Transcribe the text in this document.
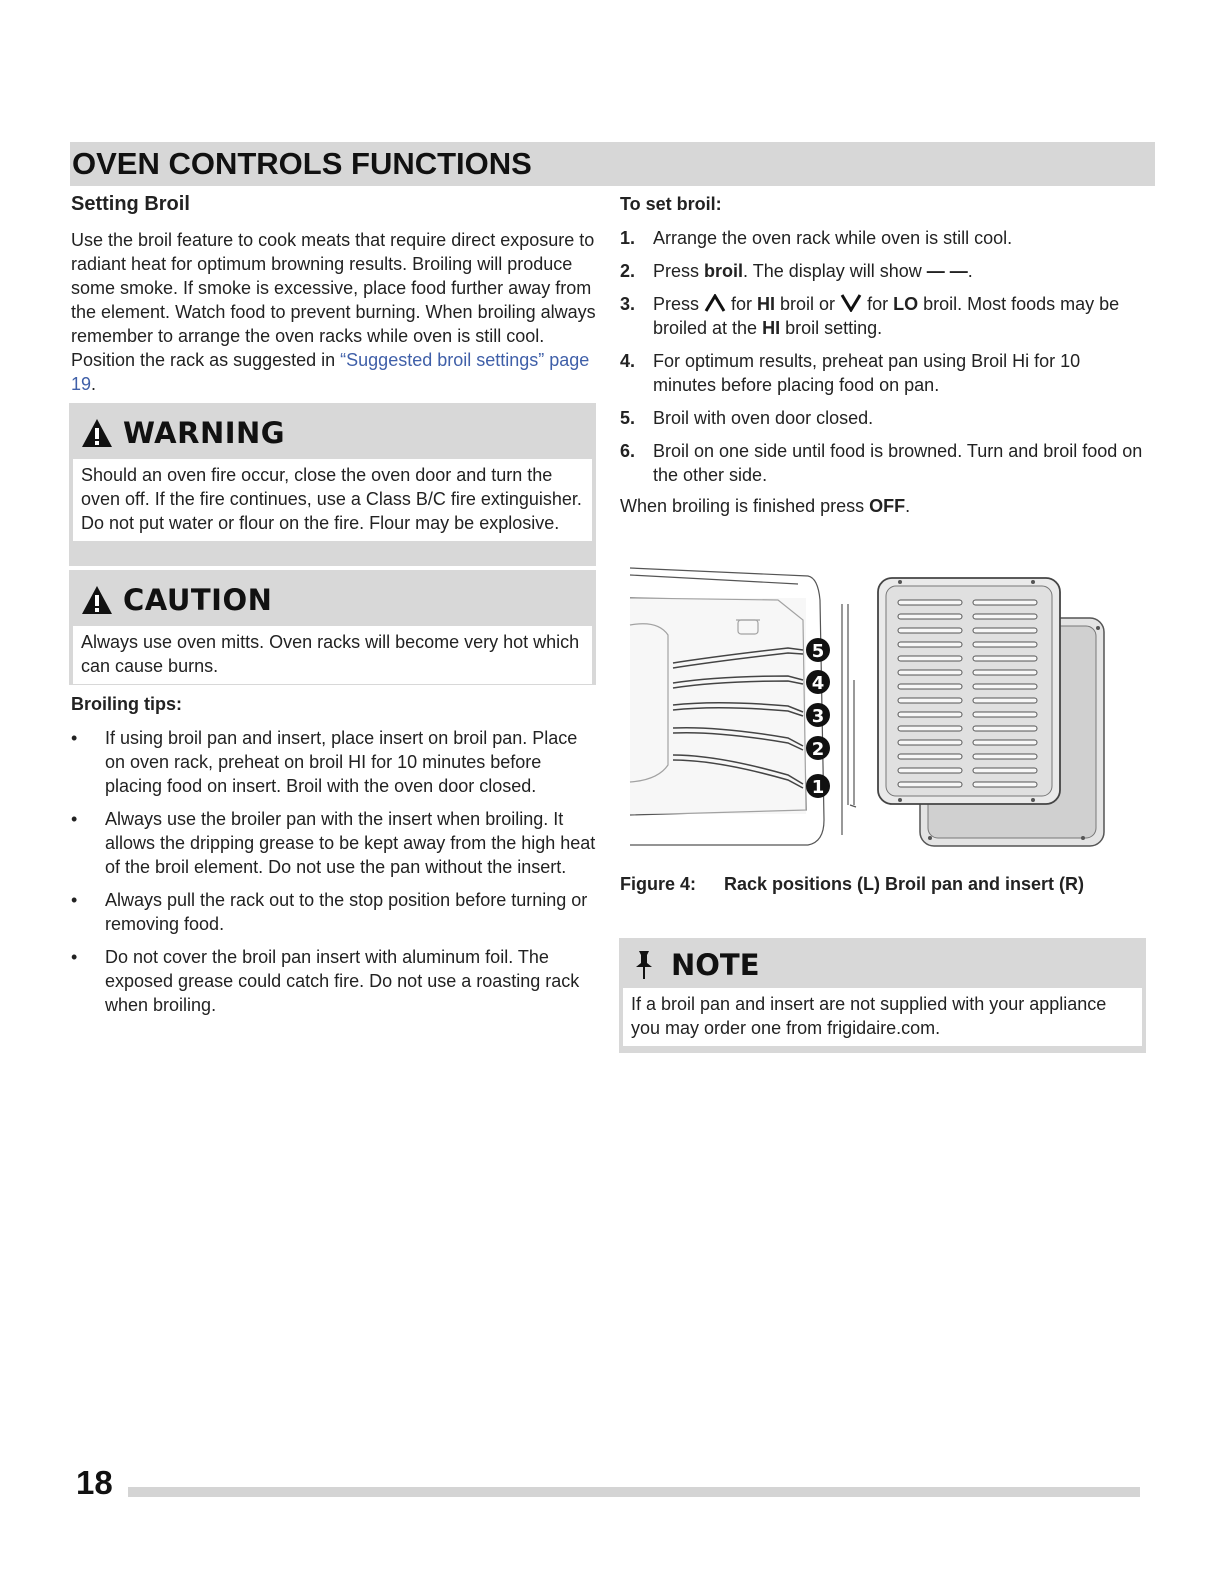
OVEN CONTROLS FUNCTIONS
Setting Broil

Use the broil feature to cook meats that require direct exposure to radiant heat for optimum browning results. Broiling will produce some smoke. If smoke is excessive, place food further away from the element. Watch food to prevent burning. When broiling always remember to arrange the oven racks while oven is still cool. Position the rack as suggested in “Suggested broil settings” page 19.

WARNING
Should an oven fire occur, close the oven door and turn the oven off. If the fire continues, use a Class B/C fire extinguisher. Do not put water or flour on the fire. Flour may be explosive.
CAUTION
Always use oven mitts. Oven racks will become very hot which can cause burns.
Broiling tips:
• If using broil pan and insert, place insert on broil pan. Place on oven rack, preheat on broil HI for 10 minutes before placing food on insert. Broil with the oven door closed.
• Always use the broiler pan with the insert when broiling. It allows the dripping grease to be kept away from the high heat of the broil element. Do not use the pan without the insert.
• Always pull the rack out to the stop position before turning or removing food.
• Do not cover the broil pan insert with aluminum foil. The exposed grease could catch fire. Do not use a roasting rack when broiling.
To set broil:
1. Arrange the oven rack while oven is still cool.
2. Press broil. The display will show — —.
3. Press  for HI broil or  for LO broil. Most foods may be broiled at the HI broil setting.
4. For optimum results, preheat pan using Broil Hi for 10 minutes before placing food on pan.
5. Broil with oven door closed.
6. Broil on one side until food is browned. Turn and broil food on the other side.

When broiling is finished press OFF.

5
4
3
2
1
Figure 4: Rack positions (L) Broil pan and insert (R)
NOTE
If a broil pan and insert are not supplied with your appliance you may order one from frigidaire.com.
18
